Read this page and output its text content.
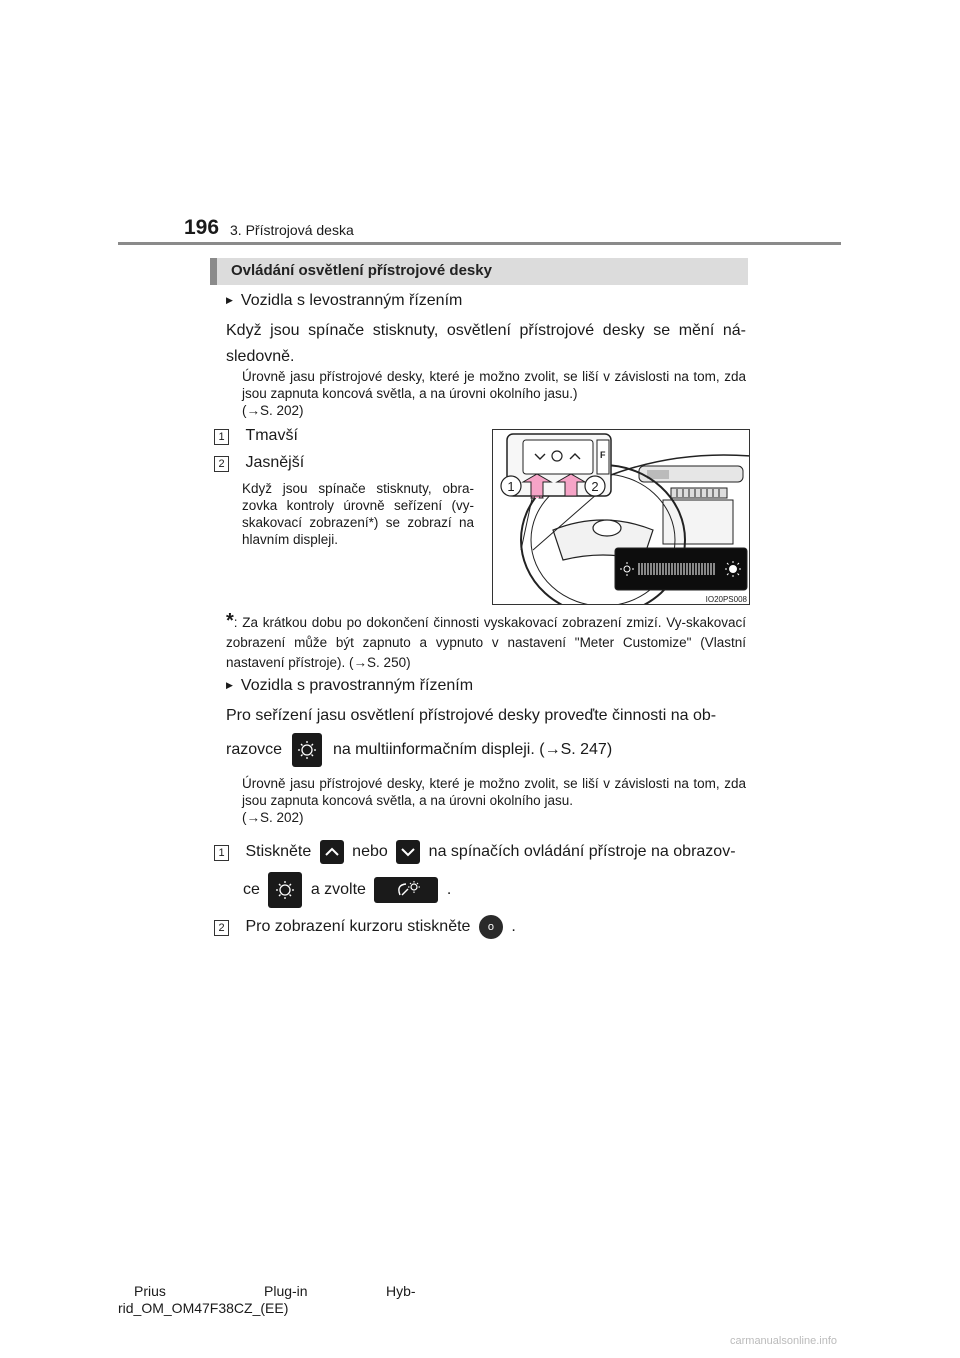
196 3. Přístrojová deska
Ovládání osvětlení přístrojové desky
▶ Vozidla s levostranným řízením
Když jsou spínače stisknuty, osvětlení přístrojové desky se mění ná-sledovně.
Úrovně jasu přístrojové desky, které je možno zvolit, se liší v závislosti na tom, zda jsou zapnuta koncová světla, a na úrovni okolního jasu.)
(→S. 202)
1 Tmavší
2 Jasnější
Když jsou spínače stisknuty, obra-zovka kontroly úrovně seřízení (vy-skakovací zobrazení*) se zobrazí na hlavním displeji.
F
1	2
IO20PS008
*: Za krátkou dobu po dokončení činnosti vyskakovací zobrazení zmizí. Vy-skakovací zobrazení může být zapnuto a vypnuto v nastavení "Meter Customize" (Vlastní nastavení přístroje). (→S. 250)
▶ Vozidla s pravostranným řízením
Pro seřízení jasu osvětlení přístrojové desky proveďte činnosti na ob-
razovce	na multiinformačním displeji. (→S. 247)
Úrovně jasu přístrojové desky, které je možno zvolit, se liší v závislosti na tom, zda jsou zapnuta koncová světla, a na úrovni okolního jasu.
(→S. 202)
1 Stiskněte	nebo	na spínačích ovládání přístroje na obrazov-
ce	a zvolte	.
2 Pro zobrazení kurzoru stiskněte o .
Prius	Plug-in	Hyb-
rid_OM_OM47F38CZ_(EE)
carmanualsonline.info
